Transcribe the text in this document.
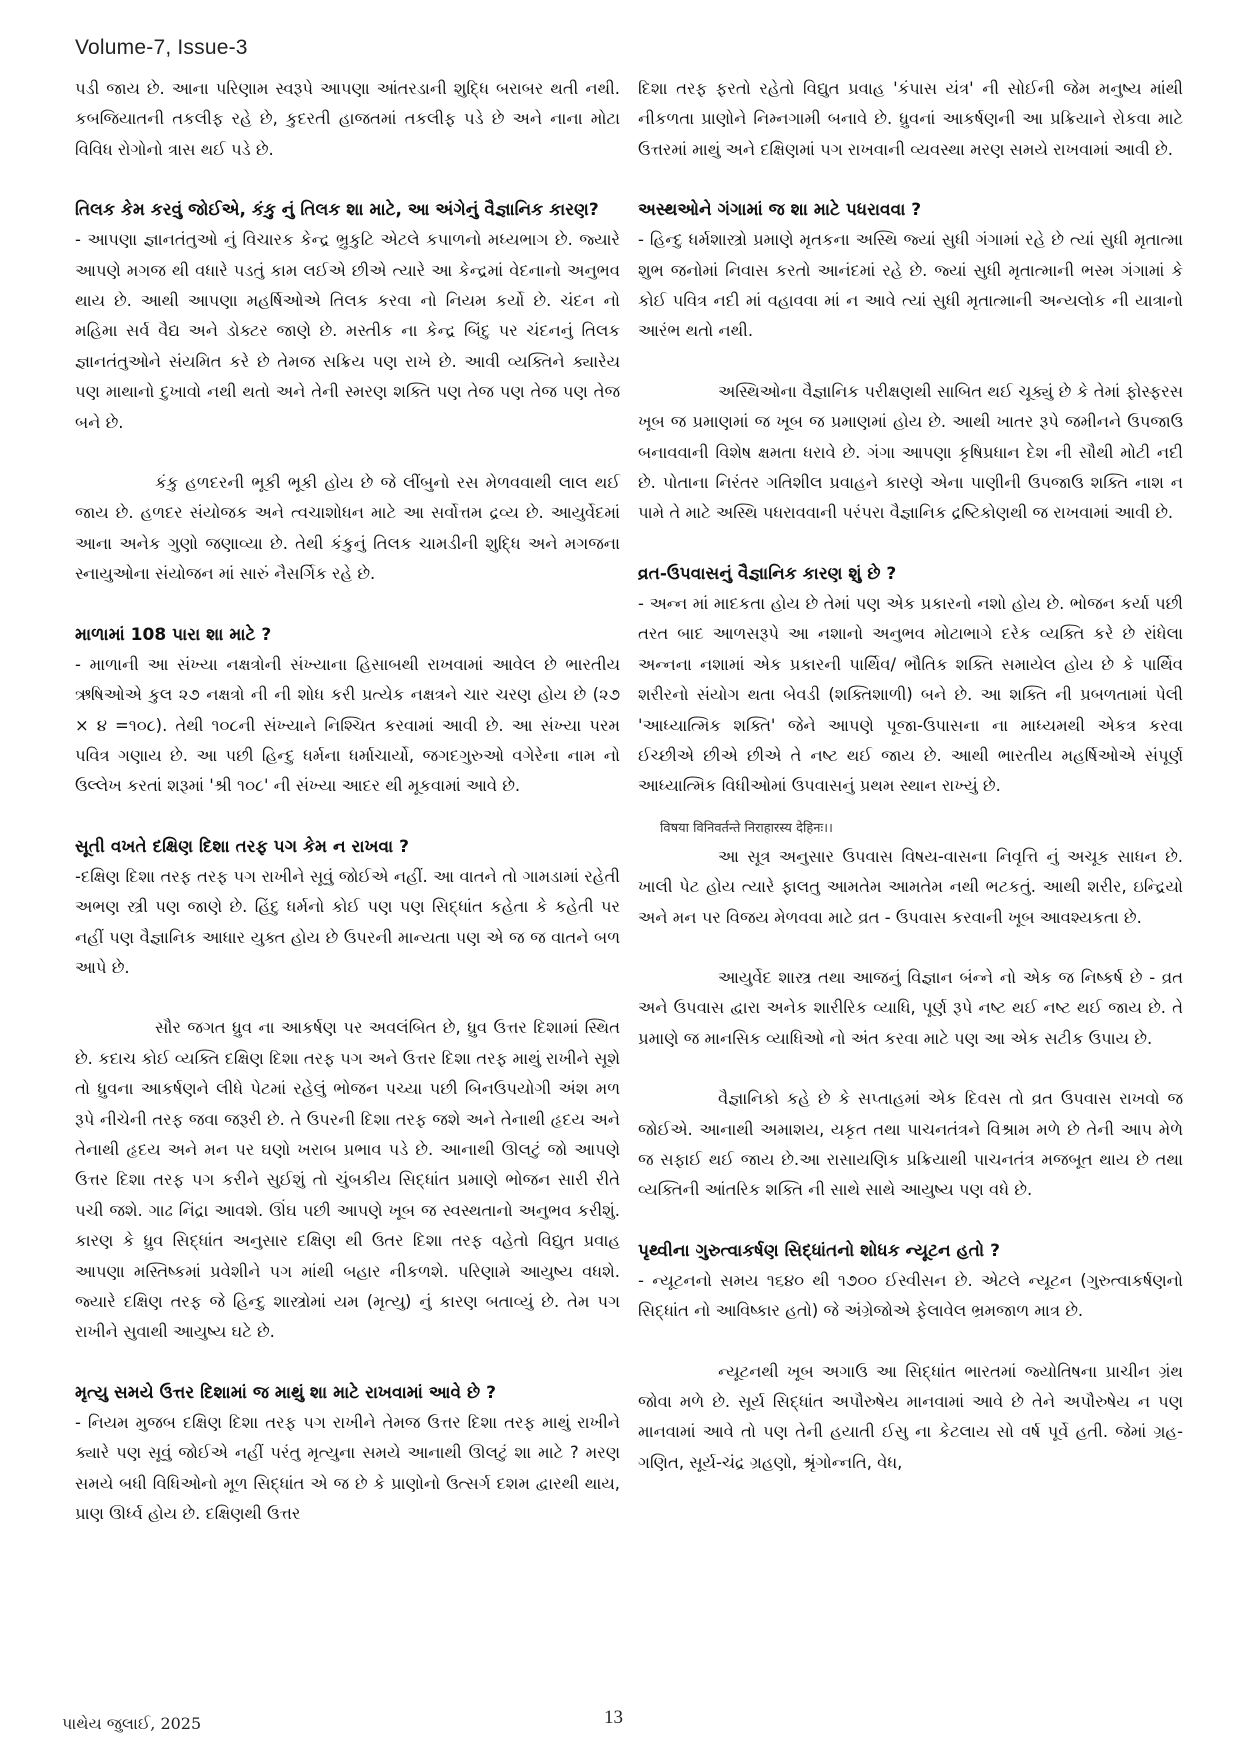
Volume-7, Issue-3

પડી જાય છે. આના પરિણામ સ્વરૂપે આપણા આંતરડાની શુદ્ધિ બરાબર થતી નથી. કબજિયાતની તકલીફ રહે છે, કુદરતી હાજતમાં તકલીફ પડે છે અને નાના મોટા વિવિધ રોગોનો ત્રાસ થઈ પડે છે.

તિલક કેમ કરવું જોઈએ, કંકુ નું તિલક શા માટે, આ અંગેનું વૈજ્ઞાનિક કારણ?

- આપણા જ્ઞાનતંતુઓ નું વિચારક કેન્દ્ર ભ્રુકુટિ એટલે કપાળનો મધ્યભાગ છે. જ્યારે આપણે મગજ થી વધારે પડતું કામ લઈએ છીએ ત્યારે આ કેન્દ્રમાં વેદનાનો અનુભવ થાય છે. આથી આપણા મહર્ષિઓએ તિલક કરવા નો નિયમ કર્યો છે. ચંદન નો મહિમા સર્વ વૈદ્ય અને ડોક્ટર જાણે છે. મસ્તીક ના કેન્દ્ર બિંદુ પર ચંદનનું તિલક જ્ઞાનતંતુઓને સંયમિત કરે છે તેમજ સક્રિય પણ રાખે છે. આવી વ્યક્તિને ક્યારેય પણ માથાનો દુખાવો નથી થતો અને તેની સ્મરણ શક્તિ પણ તેજ પણ તેજ પણ તેજ બને છે.

કંકુ હળદરની ભૂકી ભૂકી હોય છે જે લીંબુનો રસ મેળવવાથી લાલ થઈ જાય છે. હળદર સંયોજક અને ત્વચાશોધન માટે આ સર્વોત્તમ દ્રવ્ય છે. આયુર્વેદમાં આના અનેક ગુણો જણાવ્યા છે. તેથી કંકુનું તિલક ચામડીની શુદ્ધિ અને મગજના સ્નાયુઓના સંયોજન માં સારું નૈસર્ગિક રહે છે.

માળામાં 108 પારા શા માટે ?

- માળાની આ સંખ્યા નક્ષત્રોની સંખ્યાના હિસાબથી રાખવામાં આવેલ છે ભારતીય ઋષિઓએ કુલ ૨૭ નક્ષત્રો ની ની શોધ કરી પ્રત્યેક નક્ષત્રને ચાર ચરણ હોય છે (૨૭ × ૪ =૧૦૮). તેથી ૧૦૮ની સંખ્યાને નિશ્ચિત કરવામાં આવી છે. આ સંખ્યા પરમ પવિત્ર ગણાય છે. આ પછી હિન્દુ ધર્મના ધર્માચાર્યો, જગદગુરુઓ વગેરેના નામ નો ઉલ્લેખ કરતાં શરૂમાં 'શ્રી ૧૦૮' ની સંખ્યા આદર થી મૂકવામાં આવે છે.

સૂતી વખતે દક્ષિણ દિશા તરફ પગ કેમ ન રાખવા ?

-દક્ષિણ દિશા તરફ તરફ પગ રાખીને સૂવું જોઈએ નહીં. આ વાતને તો ગામડામાં રહેતી અભણ સ્ત્રી પણ જાણે છે. હિંદુ ધર્મનો કોઈ પણ પણ સિદ્ધાંત કહેતા કે કહેતી પર નહીં પણ વૈજ્ઞાનિક આધાર યુક્ત હોય છે ઉપરની માન્યતા પણ એ જ જ વાતને બળ આપે છે.

સૌર જગત ધ્રુવ ના આકર્ષણ પર અવલંબિત છે, ધ્રુવ ઉત્તર દિશામાં સ્થિત છે. કદાચ કોઈ વ્યક્તિ દક્ષિણ દિશા તરફ પગ અને ઉત્તર દિશા તરફ માથું રાખીને સૂશે તો ધ્રુવના આકર્ષણને લીધે પેટમાં રહેલું ભોજન પચ્યા પછી બિનઉપયોગી અંશ મળ રૂપે નીચેની તરફ જવા જરૂરી છે. તે ઉપરની દિશા તરફ જશે અને તેનાથી હૃદય અને તેનાથી હૃદય અને મન પર ઘણો ખરાબ પ્રભાવ પડે છે. આનાથી ઊલટું જો આપણે ઉત્તર દિશા તરફ પગ કરીને સુઈશું તો ચુંબકીય સિદ્ધાંત પ્રમાણે ભોજન સારી રીતે પચી જશે. ગાઢ નિંદ્રા આવશે. ઊંઘ પછી આપણે ખૂબ જ સ્વસ્થતાનો અનુભવ કરીશું. કારણ કે ધ્રુવ સિદ્ધાંત અનુસાર દક્ષિણ થી ઉતર દિશા તરફ વહેતો વિદ્યુત પ્રવાહ આપણા મસ્તિષ્કમાં પ્રવેશીને પગ માંથી બહાર નીકળશે. પરિણામે આયુષ્ય વધશે. જ્યારે દક્ષિણ તરફ જે હિન્દુ શાસ્ત્રોમાં યમ (મૃત્યુ) નું કારણ બતાવ્યું છે. તેમ પગ રાખીને સુવાથી આયુષ્ય ઘટે છે.

મૃત્યુ સમયે ઉત્તર દિશામાં જ માથું શા માટે રાખવામાં આવે છે ?

- નિયમ મુજબ દક્ષિણ દિશા તરફ પગ રાખીને તેમજ ઉત્તર દિશા તરફ માથું રાખીને ક્યારે પણ સૂવું જોઈએ નહીં પરંતુ મૃત્યુના સમયે આનાથી ઊલટું શા માટે ? મરણ સમયે બધી વિધિઓનો મૂળ સિદ્ધાંત એ જ છે કે પ્રાણોનો ઉત્સર્ગ દશમ દ્વારથી થાય, પ્રાણ ઊર્ધ્વ હોય છે. દક્ષિણથી ઉત્તર

દિશા તરફ ફરતો રહેતો વિદ્યુત પ્રવાહ 'કંપાસ યંત્ર' ની સોઈની જેમ મનુષ્ય માંથી નીકળતા પ્રાણોને નિમ્નગામી બનાવે છે. ધ્રુવનાં આકર્ષણની આ પ્રક્રિયાને રોકવા માટે ઉત્તરમાં માથું અને દક્ષિણમાં પગ રાખવાની વ્યવસ્થા મરણ સમયે રાખવામાં આવી છે.

અસ્થઓને ગંગામાં જ શા માટે પધરાવવા ?

- હિન્દુ ધર્મશાસ્ત્રો પ્રમાણે મૃતકના અસ્થિ જ્યાં સુધી ગંગામાં રહે છે ત્યાં સુધી મૃતાત્મા શુભ જનોમાં નિવાસ કરતો આનંદમાં રહે છે. જ્યાં સુધી મૃતાત્માની ભસ્મ ગંગામાં કે કોઈ પવિત્ર નદી માં વહાવવા માં ન આવે ત્યાં સુધી મૃતાત્માની અન્યલોક ની યાત્રાનો આરંભ થતો નથી.

અસ્થિઓના વૈજ્ઞાનિક પરીક્ષણથી સાબિત થઈ ચૂક્યું છે કે તેમાં ફોસ્ફરસ ખૂબ જ પ્રમાણમાં જ ખૂબ જ પ્રમાણમાં હોય છે. આથી ખાતર રૂપે જમીનને ઉપજાઉ બનાવવાની વિશેષ ક્ષમતા ધરાવે છે. ગંગા આપણા કૃષિપ્રધાન દેશ ની સૌથી મોટી નદી છે. પોતાના નિરંતર ગતિશીલ પ્રવાહને કારણે એના પાણીની ઉપજાઉ શક્તિ નાશ ન પામે તે માટે અસ્થિ પધરાવવાની પરંપરા વૈજ્ઞાનિક દ્રષ્ટિકોણથી જ રાખવામાં આવી છે.

વ્રત-ઉપવાસનું વૈજ્ઞાનિક કારણ શું છે ?

- અન્ન માં માદકતા હોય છે તેમાં પણ એક પ્રકારનો નશો હોય છે. ભોજન કર્યા પછી તરત બાદ આળસરૂપે આ નશાનો અનુભવ મોટાભાગે દરેક વ્યક્તિ કરે છે રાંધેલા અન્નના નશામાં એક પ્રકારની પાર્થિવ/ ભૌતિક શક્તિ સમાયેલ હોય છે કે પાર્થિવ શરીરનો સંયોગ થતા બેવડી (શક્તિશાળી) બને છે. આ શક્તિ ની પ્રબળતામાં પેલી 'આધ્યાત્મિક શક્તિ' જેને આપણે પૂજા-ઉપાસના ના માધ્યમથી એકત્ર કરવા ઈચ્છીએ છીએ છીએ તે નષ્ટ થઈ જાય છે. આથી ભારતીય મહર્ષિઓએ સંપૂર્ણ આધ્યાત્મિક વિધીઓમાં ઉપવાસનું પ્રથમ સ્થાન રાખ્યું છે.

विषया विनिवर्तन्ते निराहारस्य देहिनः।।

આ સૂત્ર અનુસાર ઉપવાસ વિષય-વાસના નિવૃત્તિ નું અચૂક સાધન છે. ખાલી પેટ હોય ત્યારે ફાલતુ આમતેમ આમતેમ નથી ભટકતું. આથી શરીર, ઇન્દ્રિયો અને મન પર વિજય મેળવવા માટે વ્રત - ઉપવાસ કરવાની ખૂબ આવશ્યકતા છે.

આયુર્વેદ શાસ્ત્ર તથા આજનું વિજ્ઞાન બંન્ને નો એક જ નિષ્કર્ષ છે - વ્રત અને ઉપવાસ દ્વારા અનેક શારીરિક વ્યાધિ, પૂર્ણ રૂપે નષ્ટ થઈ નષ્ટ થઈ જાય છે. તે પ્રમાણે જ માનસિક વ્યાધિઓ નો અંત કરવા માટે પણ આ એક સટીક ઉપાય છે.

વૈજ્ઞાનિકો કહે છે કે સપ્તાહમાં એક દિવસ તો વ્રત ઉપવાસ રાખવો જ જોઈએ. આનાથી અમાશય, યકૃત તથા પાચનતંત્રને વિશ્રામ મળે છે તેની આપ મેળે જ સફાઈ થઈ જાય છે.આ રાસાયણિક પ્રક્રિયાથી પાચનતંત્ર મજબૂત થાય છે તથા વ્યક્તિની આંતરિક શક્તિ ની સાથે સાથે આયુષ્ય પણ વધે છે.

પૃથ્વીના ગુરુત્વાકર્ષણ સિદ્ધાંતનો શોધક ન્યૂટન હતો ?

- ન્યૂટનનો સમય ૧૬૪૦ થી ૧૭૦૦ ઈસ્વીસન છે. એટલે ન્યૂટન (ગુરુત્વાકર્ષણનો સિદ્ધાંત નો આવિષ્કાર હતો) જે અંગ્રેજોએ ફેલાવેલ ભ્રમજાળ માત્ર છે.

ન્યૂટનથી ખૂબ અગાઉ આ સિદ્ધાંત ભારતમાં જ્યોતિષના પ્રાચીન ગ્રંથ જોવા મળે છે. સૂર્ય સિદ્ધાંત અપૌરુષેય માનવામાં આવે છે તેને અપૌરુષેય ન પણ માનવામાં આવે તો પણ તેની હયાતી ઈસુ ના કેટલાય સો વર્ષ પૂર્વે હતી. જેમાં ગ્રહ-ગણિત, સૂર્ય-ચંદ્ર ગ્રહણો, શ્રૃંગોન્નતિ, વેધ,

પાથેય જુલાઈ, 2025	13
